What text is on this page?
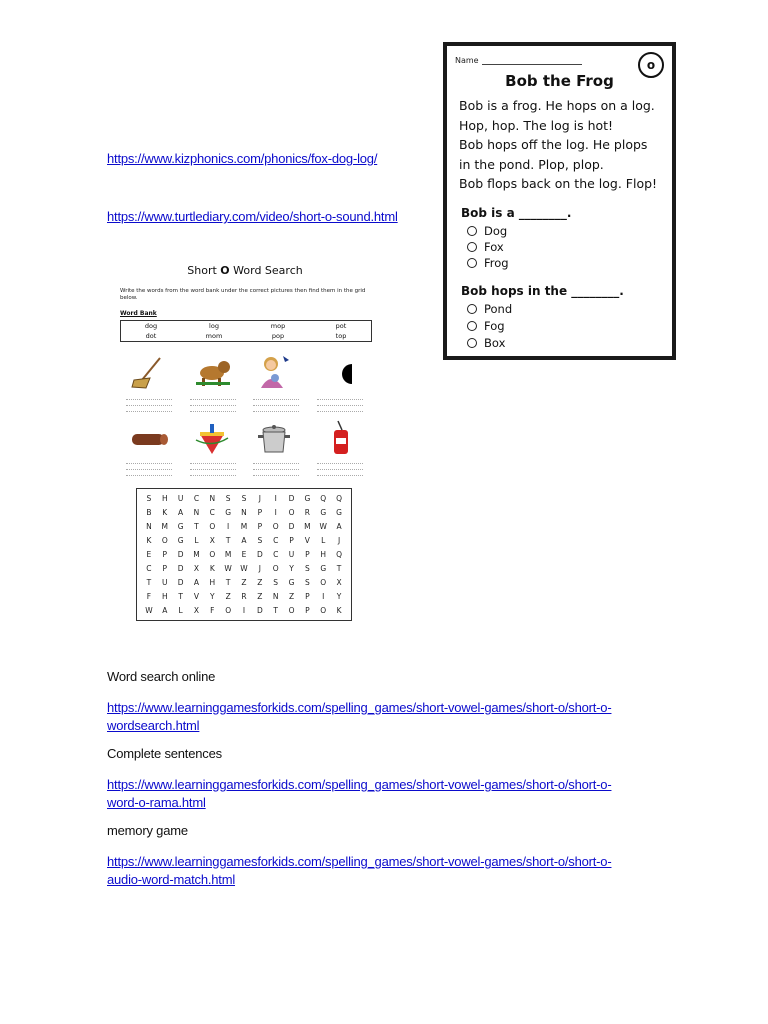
https://www.kizphonics.com/phonics/fox-dog-log/
https://www.turtlediary.com/video/short-o-sound.html
Name	o
Bob the Frog
Bob is a frog. He hops on a log.
Hop, hop. The log is hot!
Bob hops off the log. He plops
in the pond. Plop, plop.
Bob flops back on the log. Flop!
Bob is a ________.
Dog
Fox
Frog
Bob hops in the ________.
Pond
Fog
Box
Short O Word Search
Write the words from the word bank under the correct pictures then find them in the grid below.
Word Bank
dog	log	mop	pot
dot	mom	pop	top
S	H	U	C	N	S	S	J	I	D	G	Q	Q
B	K	A	N	C	G	N	P	I	O	R	G	G
N	M	G	T	O	I	M	P	O	D	M	W	A
K	O	G	L	X	T	A	S	C	P	V	L	J
E	P	D	M	O	M	E	D	C	U	P	H	Q
C	P	D	X	K	W	W	J	O	Y	S	G	T
T	U	D	A	H	T	Z	Z	S	G	S	O	X
F	H	T	V	Y	Z	R	Z	N	Z	P	I	Y
W	A	L	X	F	O	I	D	T	O	P	O	K
Word search online
https://www.learninggamesforkids.com/spelling_games/short-vowel-games/short-o/short-o-
wordsearch.html
Complete sentences
https://www.learninggamesforkids.com/spelling_games/short-vowel-games/short-o/short-o-
word-o-rama.html
memory game
https://www.learninggamesforkids.com/spelling_games/short-vowel-games/short-o/short-o-
audio-word-match.html
